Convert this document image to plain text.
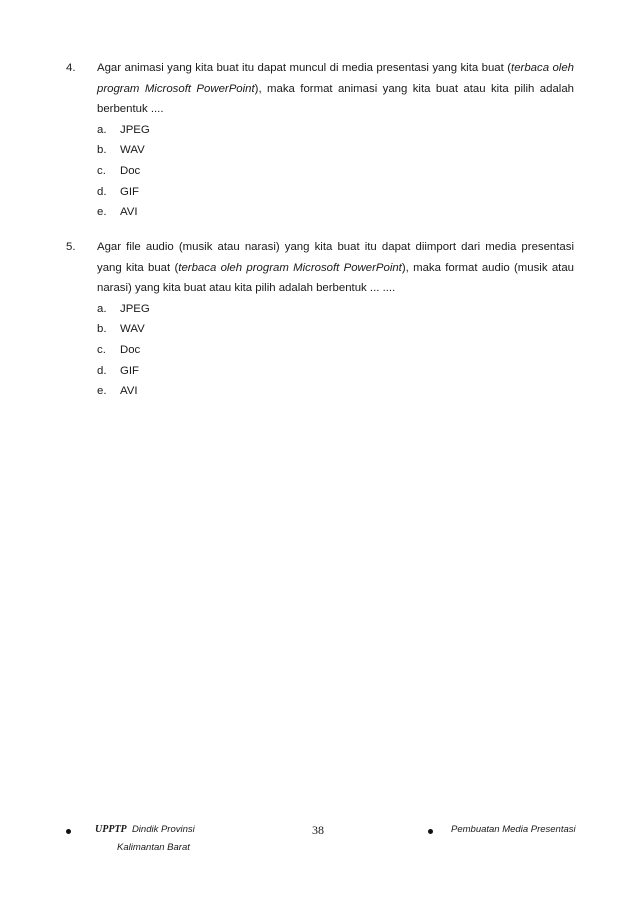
4. Agar animasi yang kita buat itu dapat muncul di media presentasi yang kita buat (terbaca oleh program Microsoft PowerPoint), maka format animasi yang kita buat atau kita pilih adalah berbentuk ....
a. JPEG
b. WAV
c. Doc
d. GIF
e. AVI
5. Agar file audio (musik atau narasi) yang kita buat itu dapat diimport dari media presentasi yang kita buat (terbaca oleh program Microsoft PowerPoint), maka format audio (musik atau narasi) yang kita buat atau kita pilih adalah berbentuk ... ....
a. JPEG
b. WAV
c. Doc
d. GIF
e. AVI
UPPTP Dindik Provinsi
Kalimantan Barat
38	Pembuatan Media Presentasi
